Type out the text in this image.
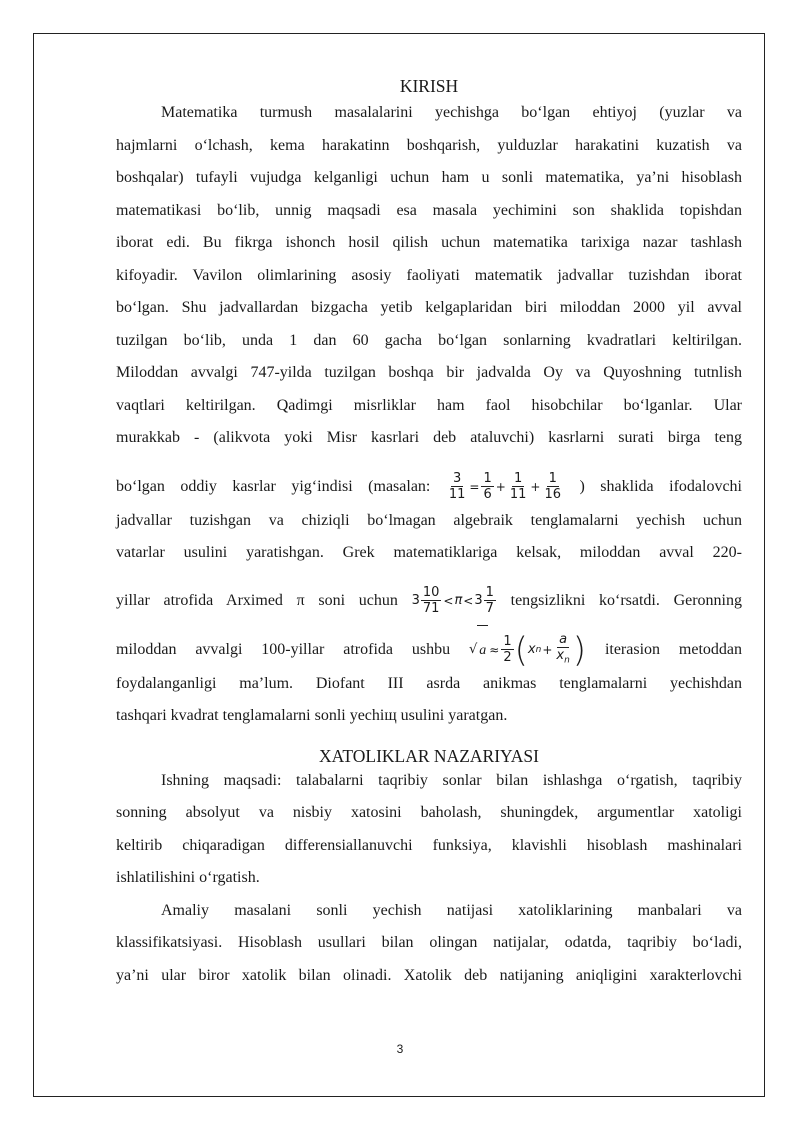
KIRISH
Matematika turmush masalalarini yechishga bo‘lgan ehtiyoj (yuzlar va
hajmlarni o‘lchash, kema harakatinn boshqarish, yulduzlar harakatini kuzatish va
boshqalar) tufayli vujudga kelganligi uchun ham u sonli matematika, ya’ni hisoblash
matematikasi bo‘lib, unnig maqsadi esa masala yechimini son shaklida topishdan
iborat edi. Bu fikrga ishonch hosil qilish uchun matematika tarixiga nazar tashlash
kifoyadir. Vavilon olimlarining asosiy faoliyati matematik jadvallar tuzishdan iborat
bo‘lgan. Shu jadvallardan bizgacha yetib kelgaplaridan biri miloddan 2000 yil avval
tuzilgan bo‘lib, unda 1 dan 60 gacha bo‘lgan sonlarning kvadratlari keltirilgan.
Miloddan avvalgi 747-yilda tuzilgan boshqa bir jadvalda Oy va Quyoshning tutnlish
vaqtlari keltirilgan. Qadimgi misrliklar ham faol hisobchilar bo‘lganlar. Ular
murakkab - (alikvota yoki Misr kasrlari deb ataluvchi) kasrlarni surati birga teng
bo‘lgan oddiy kasrlar yig‘indisi (masalan: $\frac{3}{11} = \frac{1}{6} + \frac{1}{11} + \frac{1}{16}$ ) shaklida ifodalovchi
jadvallar tuzishgan va chiziqli bo‘lmagan algebraik tenglamalarni yechish uchun
vatarlar usulini yaratishgan. Grek matematiklariga kelsak, miloddan avval 220-
yillar atrofida Arximed π soni uchun $3 \frac{10}{71} <\pi<3 \frac{1}{7}$ tengsizlikni ko‘rsatdi. Geronning
miloddan avvalgi 100-yillar atrofida ushbu √ $a \approx \frac{1}{2} (xn+ \frac{a}{x_n}$ ) iterasion metoddan
foydalanganligi ma’lum. Diofant III asrda anikmas tenglamalarni yechishdan
tashqari kvadrat tenglamalarni sonli yechiщ usulini yaratgan.
XATOLIKLAR NAZARIYASI
Ishning maqsadi: talabalarni taqribiy sonlar bilan ishlashga o‘rgatish, taqribiy
sonning absolyut va nisbiy xatosini baholash, shuningdek, argumentlar xatoligi
keltirib chiqaradigan differensiallanuvchi funksiya, klavishli hisoblash mashinalari
ishlatilishini o‘rgatish.
Amaliy masalani sonli yechish natijasi xatoliklarining manbalari va
klassifikatsiyasi. Hisoblash usullari bilan olingan natijalar, odatda, taqribiy bo‘ladi,
ya’ni ular biror xatolik bilan olinadi. Xatolik deb natijaning aniqligini xarakterlovchi
3
